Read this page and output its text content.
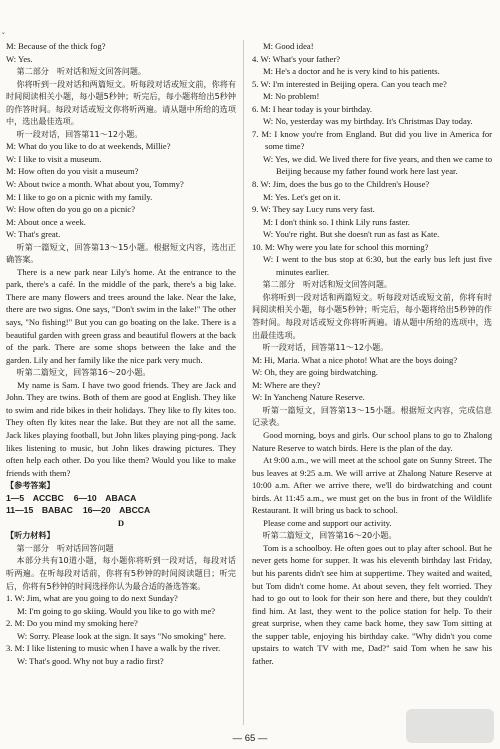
˘

M: Because of the thick fog?

W: Yes.

第二部分　听对话和短文回答问题。

你将听到一段对话和两篇短文。听每段对话或短文前，你将有时间阅读相关小题，每小题5秒钟；听完后，每小题将给出5秒钟的作答时间。每段对话或短文你将听两遍。请从题中所给的选项中，选出最佳选项。

听一段对话，回答第11～12小题。

M: What do you like to do at weekends, Millie?

W: I like to visit a museum.

M: How often do you visit a museum?

W: About twice a month. What about you, Tommy?

M: I like to go on a picnic with my family.

W: How often do you go on a picnic?

M: About once a week.

W: That's great.

听第一篇短文，回答第13～15小题。根据短文内容，选出正确答案。

There is a new park near Lily's home. At the entrance to the park, there's a café. In the middle of the park, there's a big lake. There are many flowers and trees around the lake. Near the lake, there are two signs. One says, "Don't swim in the lake!" The other says, "No fishing!" But you can go boating on the lake. There is a beautiful garden with green grass and beautiful flowers at the back of the park. There are some shops between the lake and the garden. Lily and her family like the nice park very much.

听第二篇短文，回答第16～20小题。

My name is Sam. I have two good friends. They are Jack and John. They are twins. Both of them are good at English. They like to swim and ride bikes in their holidays. They like to fly kites too. They often fly kites near the lake. But they are not all the same. Jack likes playing football, but John likes playing ping-pong. Jack likes listening to music, but John likes drawing pictures. They often help each other. Do you like them? Would you like to make friends with them?

【参考答案】

1—5　ACCBC 6—10　ABACA

11—15　BABAC 16—20　ABCCA

D

【听力材料】

第一部分　听对话回答问题

本部分共有10道小题，每小题你将听到一段对话，每段对话听两遍。在听每段对话前，你将有5秒钟的时间阅读题目；听完后，你将有5秒钟的时间选择你认为最合适的备选答案。

1. W: Jim, what are you going to do next Sunday?

M: I'm going to go skiing. Would you like to go with me?

2. M: Do you mind my smoking here?

W: Sorry. Please look at the sign. It says "No smoking" here.

3. M: I like listening to music when I have a walk by the river.

W: That's good. Why not buy a radio first?

M: Good idea!

4. W: What's your father?

M: He's a doctor and he is very kind to his patients.

5. W: I'm interested in Beijing opera. Can you teach me?

M: No problem!

6. M: I hear today is your birthday.

W: No, yesterday was my birthday. It's Christmas Day today.

7. M: I know you're from England. But did you live in America for some time?

W: Yes, we did. We lived there for five years, and then we came to Beijing because my father found work here last year.

8. W: Jim, does the bus go to the Children's House?

M: Yes. Let's get on it.

9. W: They say Lucy runs very fast.

M: I don't think so. I think Lily runs faster.

W: You're right. But she doesn't run as fast as Kate.

10. M: Why were you late for school this morning?

W: I went to the bus stop at 6:30, but the early bus left just five minutes earlier.

第二部分　听对话和短文回答问题。

你将听到一段对话和两篇短文。听每段对话或短文前，你将有时间阅读相关小题，每小题5秒钟；听完后，每小题将给出5秒钟的作答时间。每段对话或短文你将听两遍。请从题中所给的选项中，选出最佳选项。

听一段对话，回答第11～12小题。

M: Hi, Maria. What a nice photo! What are the boys doing?

W: Oh, they are going birdwatching.

M: Where are they?

W: In Yancheng Nature Reserve.

听第一篇短文，回答第13～15小题。根据短文内容，完成信息记录表。

Good morning, boys and girls. Our school plans to go to Zhalong Nature Reserve to watch birds. Here is the plan of the day.

At 9:00 a.m., we will meet at the school gate on Sunny Street. The bus leaves at 9:25 a.m. We will arrive at Zhalong Nature Reserve at 10:00 a.m. After we arrive there, we'll do birdwatching and count birds. At 11:45 a.m., we must get on the bus in front of the Wildlife Restaurant. It will bring us back to school.

Please come and support our activity.

听第二篇短文，回答第16～20小题。

Tom is a schoolboy. He often goes out to play after school. But he never gets home for supper. It was his eleventh birthday last Friday, but his parents didn't see him at suppertime. They waited and waited, but Tom didn't come home. At about seven, they felt worried. They had to go out to look for their son here and there, but they couldn't find him. At last, they went to the police station for help. To their great surprise, when they came back home, they saw Tom sitting at the supper table, enjoying his birthday cake. "Why didn't you come upstairs to watch TV with me, Dad?" said Tom when he saw his father.

— 65 —
